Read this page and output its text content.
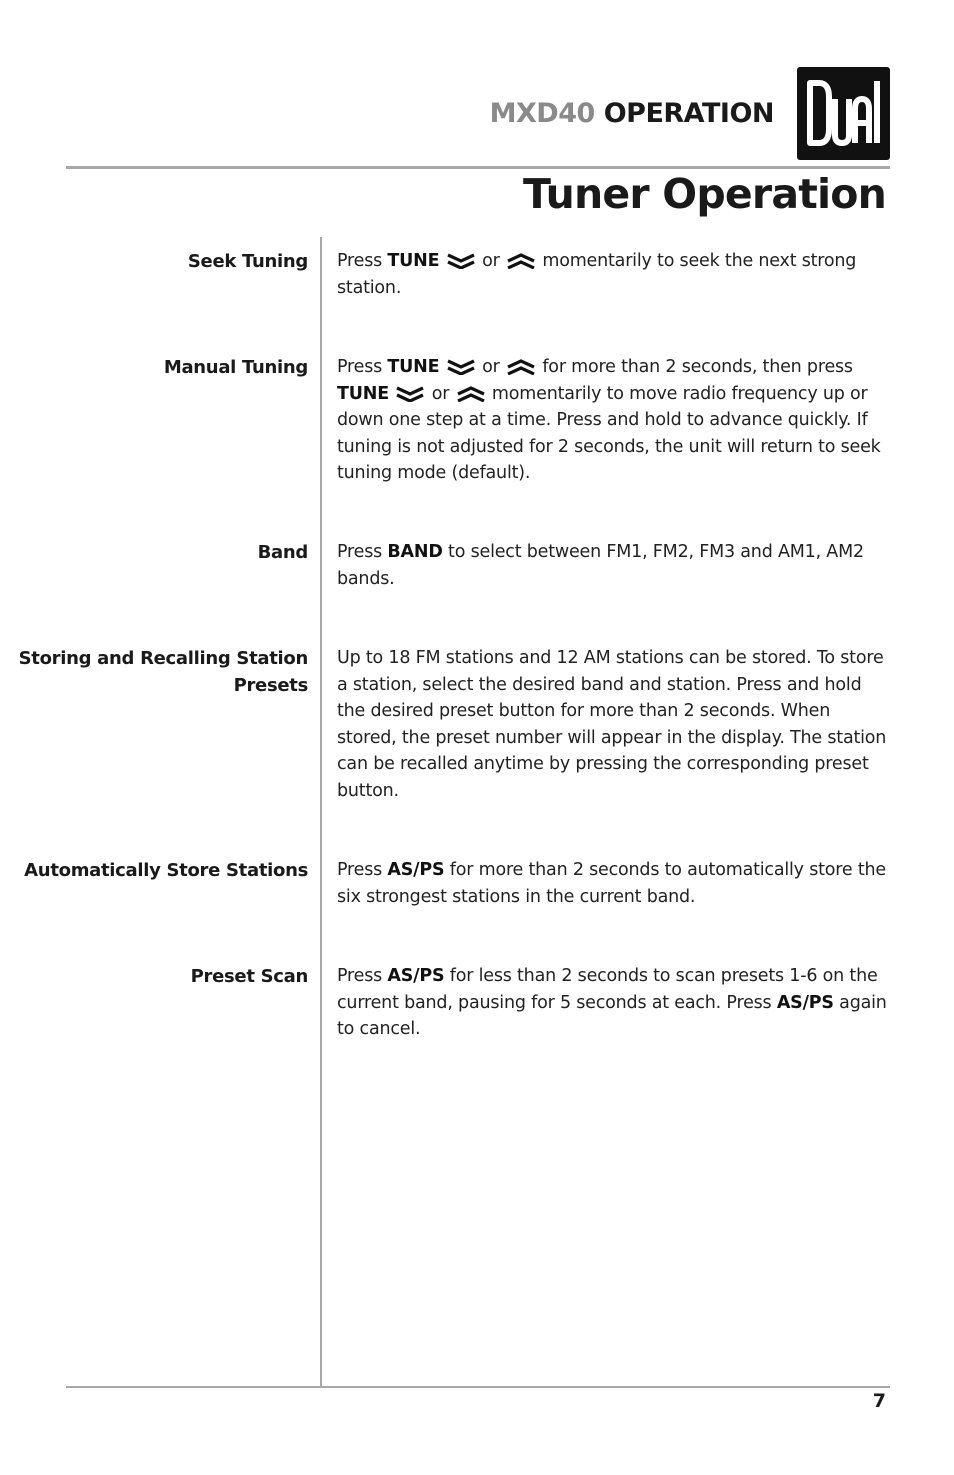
MXD40 OPERATION
Tuner Operation
Seek Tuning Press TUNE
or
momentarily to seek the next strong station.
Manual Tuning Press TUNE
or
for more than 2 seconds, then press TUNE
or
momentarily to move radio frequency up or down one step at a time. Press and hold to advance quickly. If tuning is not adjusted for 2 seconds, the unit will return to seek tuning mode (default).
Band Press BAND to select between FM1, FM2, FM3 and AM1, AM2 bands.
Storing and Recalling Station Presets
Up to 18 FM stations and 12 AM stations can be stored. To store a station, select the desired band and station. Press and hold the desired preset button for more than 2 seconds. When stored, the preset number will appear in the display. The station can be recalled anytime by pressing the corresponding preset button.
Automatically Store Stations Press AS/PS for more than 2 seconds to automatically store the six strongest stations in the current band.
Preset Scan Press AS/PS for less than 2 seconds to scan presets 1-6 on the current band, pausing for 5 seconds at each. Press AS/PS again to cancel.
7
